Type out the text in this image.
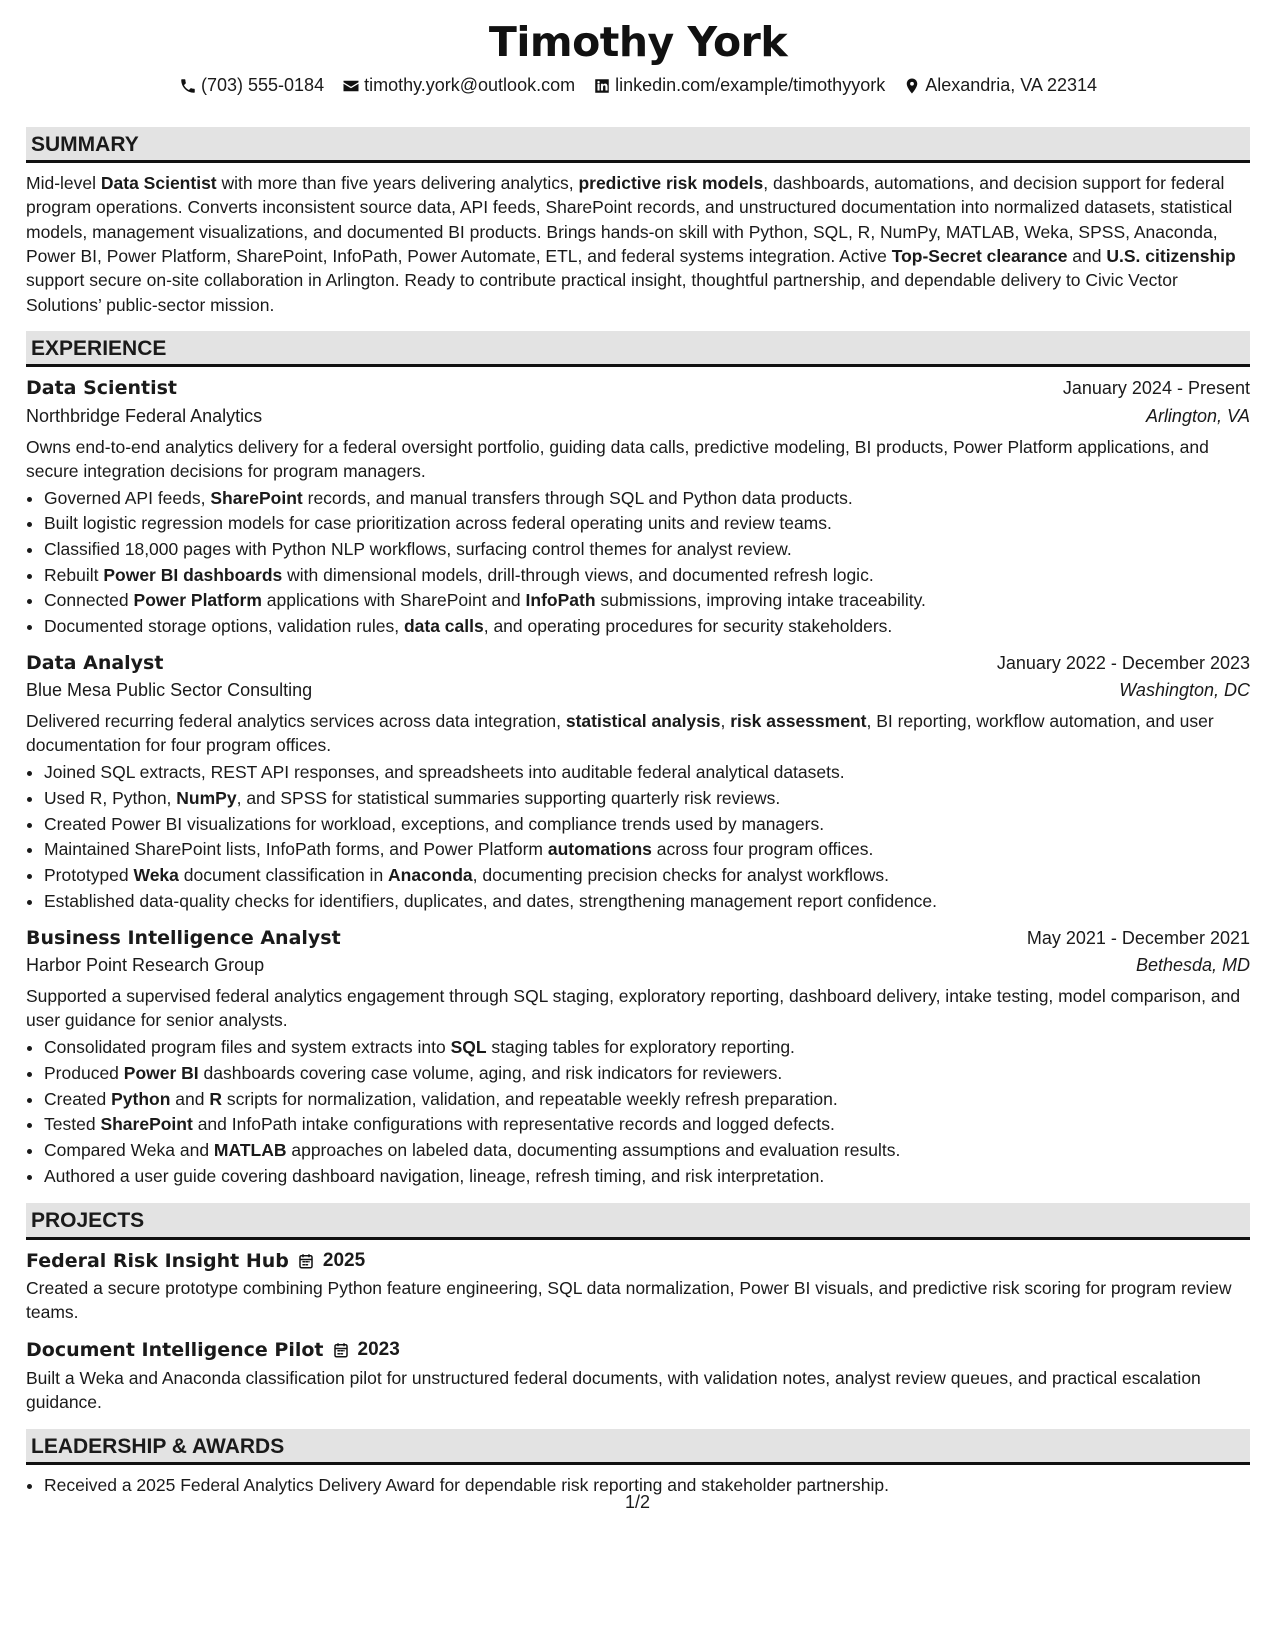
Timothy York
(703) 555-0184 timothy.york@outlook.com linkedin.com/example/timothyyork Alexandria, VA 22314
SUMMARY

Mid-level Data Scientist with more than five years delivering analytics, predictive risk models, dashboards, automations, and decision support for federal program operations. Converts inconsistent source data, API feeds, SharePoint records, and unstructured documentation into normalized datasets, statistical models, management visualizations, and documented BI products. Brings hands-on skill with Python, SQL, R, NumPy, MATLAB, Weka, SPSS, Anaconda, Power BI, Power Platform, SharePoint, InfoPath, Power Automate, ETL, and federal systems integration. Active Top-Secret clearance and U.S. citizenship support secure on-site collaboration in Arlington. Ready to contribute practical insight, thoughtful partnership, and dependable delivery to Civic Vector Solutions’ public-sector mission.

EXPERIENCE
Data Scientist	January 2024 - Present
Northbridge Federal Analytics	Arlington, VA
Owns end-to-end analytics delivery for a federal oversight portfolio, guiding data calls, predictive modeling, BI products, Power Platform applications, and secure integration decisions for program managers.
• Governed API feeds, SharePoint records, and manual transfers through SQL and Python data products.
• Built logistic regression models for case prioritization across federal operating units and review teams.
• Classified 18,000 pages with Python NLP workflows, surfacing control themes for analyst review.
• Rebuilt Power BI dashboards with dimensional models, drill-through views, and documented refresh logic.
• Connected Power Platform applications with SharePoint and InfoPath submissions, improving intake traceability.
• Documented storage options, validation rules, data calls, and operating procedures for security stakeholders.
Data Analyst	January 2022 - December 2023
Blue Mesa Public Sector Consulting	Washington, DC
Delivered recurring federal analytics services across data integration, statistical analysis, risk assessment, BI reporting, workflow automation, and user documentation for four program offices.
• Joined SQL extracts, REST API responses, and spreadsheets into auditable federal analytical datasets.
• Used R, Python, NumPy, and SPSS for statistical summaries supporting quarterly risk reviews.
• Created Power BI visualizations for workload, exceptions, and compliance trends used by managers.
• Maintained SharePoint lists, InfoPath forms, and Power Platform automations across four program offices.
• Prototyped Weka document classification in Anaconda, documenting precision checks for analyst workflows.
• Established data-quality checks for identifiers, duplicates, and dates, strengthening management report confidence.
Business Intelligence Analyst	May 2021 - December 2021
Harbor Point Research Group	Bethesda, MD
Supported a supervised federal analytics engagement through SQL staging, exploratory reporting, dashboard delivery, intake testing, model comparison, and user guidance for senior analysts.
• Consolidated program files and system extracts into SQL staging tables for exploratory reporting.
• Produced Power BI dashboards covering case volume, aging, and risk indicators for reviewers.
• Created Python and R scripts for normalization, validation, and repeatable weekly refresh preparation.
• Tested SharePoint and InfoPath intake configurations with representative records and logged defects.
• Compared Weka and MATLAB approaches on labeled data, documenting assumptions and evaluation results.
• Authored a user guide covering dashboard navigation, lineage, refresh timing, and risk interpretation.
PROJECTS
Federal Risk Insight Hub 2025
Created a secure prototype combining Python feature engineering, SQL data normalization, Power BI visuals, and predictive risk scoring for program review teams.
Document Intelligence Pilot 2023
Built a Weka and Anaconda classification pilot for unstructured federal documents, with validation notes, analyst review queues, and practical escalation guidance.
LEADERSHIP & AWARDS
• Received a 2025 Federal Analytics Delivery Award for dependable risk reporting and stakeholder partnership.
1/2
